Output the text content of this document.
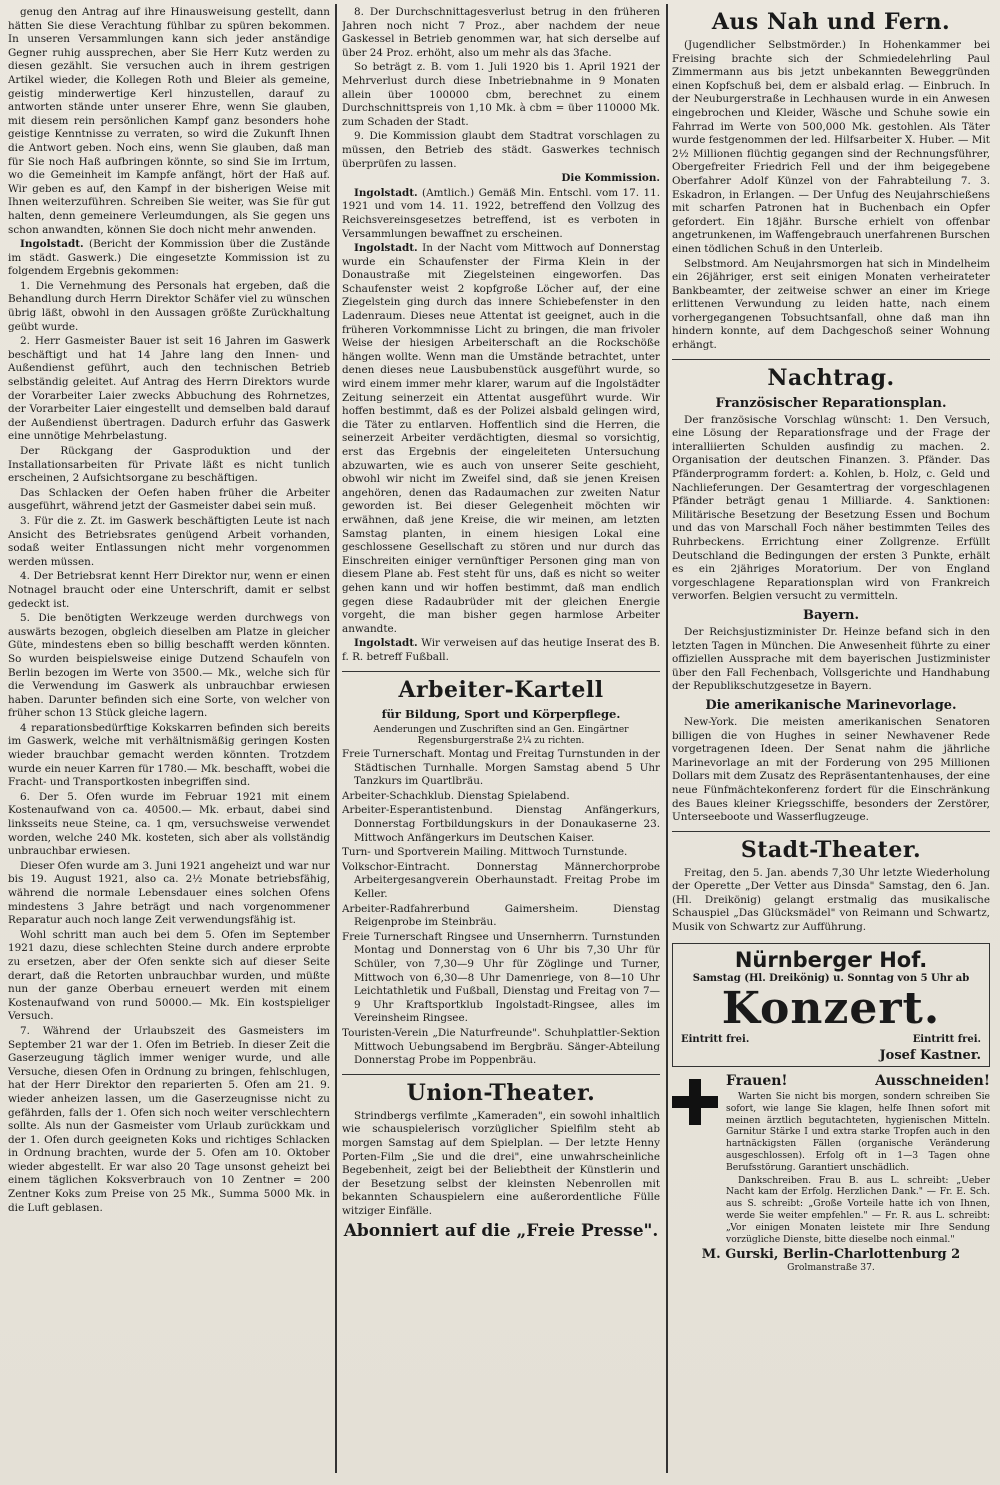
genug den Antrag auf ihre Hinausweisung gestellt, dann hätten Sie diese Verachtung fühlbar zu spüren bekommen. In unseren Versammlungen kann sich jeder anständige Gegner ruhig aussprechen, aber Sie Herr Kutz werden zu diesen gezählt. Sie versuchen auch in ihrem gestrigen Artikel wieder, die Kollegen Roth und Bleier als gemeine, geistig minderwertige Kerl hinzustellen, darauf zu antworten stände unter unserer Ehre, wenn Sie glauben, mit diesem rein persönlichen Kampf ganz besonders hohe geistige Kenntnisse zu verraten, so wird die Zukunft Ihnen die Antwort geben. Noch eins, wenn Sie glauben, daß man für Sie noch Haß aufbringen könnte, so sind Sie im Irrtum, wo die Gemeinheit im Kampfe anfängt, hört der Haß auf. Wir geben es auf, den Kampf in der bisherigen Weise mit Ihnen weiterzuführen. Schreiben Sie weiter, was Sie für gut halten, denn gemeinere Verleumdungen, als Sie gegen uns schon anwandten, können Sie doch nicht mehr anwenden.

Ingolstadt. (Bericht der Kommission über die Zustände im städt. Gaswerk.) Die eingesetzte Kommission ist zu folgendem Ergebnis gekommen:

1. Die Vernehmung des Personals hat ergeben, daß die Behandlung durch Herrn Direktor Schäfer viel zu wünschen übrig läßt, obwohl in den Aussagen größte Zurückhaltung geübt wurde.

2. Herr Gasmeister Bauer ist seit 16 Jahren im Gaswerk beschäftigt und hat 14 Jahre lang den Innen- und Außendienst geführt, auch den technischen Betrieb selbständig geleitet. Auf Antrag des Herrn Direktors wurde der Vorarbeiter Laier zwecks Abbuchung des Rohrnetzes, der Vorarbeiter Laier eingestellt und demselben bald darauf der Außendienst übertragen. Dadurch erfuhr das Gaswerk eine unnötige Mehrbelastung.

Der Rückgang der Gasproduktion und der Installationsarbeiten für Private läßt es nicht tunlich erscheinen, 2 Aufsichtsorgane zu beschäftigen.

Das Schlacken der Oefen haben früher die Arbeiter ausgeführt, während jetzt der Gasmeister dabei sein muß.

3. Für die z. Zt. im Gaswerk beschäftigten Leute ist nach Ansicht des Betriebsrates genügend Arbeit vorhanden, sodaß weiter Entlassungen nicht mehr vorgenommen werden müssen.

4. Der Betriebsrat kennt Herr Direktor nur, wenn er einen Notnagel braucht oder eine Unterschrift, damit er selbst gedeckt ist.

5. Die benötigten Werkzeuge werden durchwegs von auswärts bezogen, obgleich dieselben am Platze in gleicher Güte, mindestens eben so billig beschafft werden könnten. So wurden beispielsweise einige Dutzend Schaufeln von Berlin bezogen im Werte von 3500.— Mk., welche sich für die Verwendung im Gaswerk als unbrauchbar erwiesen haben. Darunter befinden sich eine Sorte, von welcher von früher schon 13 Stück gleiche lagern.

4 reparationsbedürftige Kokskarren befinden sich bereits im Gaswerk, welche mit verhältnismäßig geringen Kosten wieder brauchbar gemacht werden könnten. Trotzdem wurde ein neuer Karren für 1780.— Mk. beschafft, wobei die Fracht- und Transportkosten inbegriffen sind.

6. Der 5. Ofen wurde im Februar 1921 mit einem Kostenaufwand von ca. 40500.— Mk. erbaut, dabei sind linksseits neue Steine, ca. 1 qm, versuchsweise verwendet worden, welche 240 Mk. kosteten, sich aber als vollständig unbrauchbar erwiesen.

Dieser Ofen wurde am 3. Juni 1921 angeheizt und war nur bis 19. August 1921, also ca. 2½ Monate betriebsfähig, während die normale Lebensdauer eines solchen Ofens mindestens 3 Jahre beträgt und nach vorgenommener Reparatur auch noch lange Zeit verwendungsfähig ist.

Wohl schritt man auch bei dem 5. Ofen im September 1921 dazu, diese schlechten Steine durch andere erprobte zu ersetzen, aber der Ofen senkte sich auf dieser Seite derart, daß die Retorten unbrauchbar wurden, und müßte nun der ganze Oberbau erneuert werden mit einem Kostenaufwand von rund 50000.— Mk. Ein kostspieliger Versuch.

7. Während der Urlaubszeit des Gasmeisters im September 21 war der 1. Ofen im Betrieb. In dieser Zeit die Gaserzeugung täglich immer weniger wurde, und alle Versuche, diesen Ofen in Ordnung zu bringen, fehlschlugen, hat der Herr Direktor den reparierten 5. Ofen am 21. 9. wieder anheizen lassen, um die Gaserzeugnisse nicht zu gefährden, falls der 1. Ofen sich noch weiter verschlechtern sollte. Als nun der Gasmeister vom Urlaub zurückkam und der 1. Ofen durch geeigneten Koks und richtiges Schlacken in Ordnung brachten, wurde der 5. Ofen am 10. Oktober wieder abgestellt. Er war also 20 Tage unsonst geheizt bei einem täglichen Koksverbrauch von 10 Zentner = 200 Zentner Koks zum Preise von 25 Mk., Summa 5000 Mk. in die Luft geblasen.

8. Der Durchschnittagesverlust betrug in den früheren Jahren noch nicht 7 Proz., aber nachdem der neue Gaskessel in Betrieb genommen war, hat sich derselbe auf über 24 Proz. erhöht, also um mehr als das 3fache.

So beträgt z. B. vom 1. Juli 1920 bis 1. April 1921 der Mehrverlust durch diese Inbetriebnahme in 9 Monaten allein über 100000 cbm, berechnet zu einem Durchschnittspreis von 1,10 Mk. à cbm = über 110000 Mk. zum Schaden der Stadt.

9. Die Kommission glaubt dem Stadtrat vorschlagen zu müssen, den Betrieb des städt. Gaswerkes technisch überprüfen zu lassen.

Die Kommission.

Ingolstadt. (Amtlich.) Gemäß Min. Entschl. vom 17. 11. 1921 und vom 14. 11. 1922, betreffend den Vollzug des Reichsvereinsgesetzes betreffend, ist es verboten in Versammlungen bewaffnet zu erscheinen.

Ingolstadt. In der Nacht vom Mittwoch auf Donnerstag wurde ein Schaufenster der Firma Klein in der Donaustraße mit Ziegelsteinen eingeworfen. Das Schaufenster weist 2 kopfgroße Löcher auf, der eine Ziegelstein ging durch das innere Schiebefenster in den Ladenraum. Dieses neue Attentat ist geeignet, auch in die früheren Vorkommnisse Licht zu bringen, die man frivoler Weise der hiesigen Arbeiterschaft an die Rockschöße hängen wollte. Wenn man die Umstände betrachtet, unter denen dieses neue Lausbubenstück ausgeführt wurde, so wird einem immer mehr klarer, warum auf die Ingolstädter Zeitung seinerzeit ein Attentat ausgeführt wurde. Wir hoffen bestimmt, daß es der Polizei alsbald gelingen wird, die Täter zu entlarven. Hoffentlich sind die Herren, die seinerzeit Arbeiter verdächtigten, diesmal so vorsichtig, erst das Ergebnis der eingeleiteten Untersuchung abzuwarten, wie es auch von unserer Seite geschieht, obwohl wir nicht im Zweifel sind, daß sie jenen Kreisen angehören, denen das Radaumachen zur zweiten Natur geworden ist. Bei dieser Gelegenheit möchten wir erwähnen, daß jene Kreise, die wir meinen, am letzten Samstag planten, in einem hiesigen Lokal eine geschlossene Gesellschaft zu stören und nur durch das Einschreiten einiger vernünftiger Personen ging man von diesem Plane ab. Fest steht für uns, daß es nicht so weiter gehen kann und wir hoffen bestimmt, daß man endlich gegen diese Radaubrüder mit der gleichen Energie vorgeht, die man bisher gegen harmlose Arbeiter anwandte.

Ingolstadt. Wir verweisen auf das heutige Inserat des B. f. R. betreff Fußball.

Arbeiter-Kartell
für Bildung, Sport und Körperpflege.

Aenderungen und Zuschriften sind an Gen. Eingärtner Regensburgerstraße 2¼ zu richten.

Freie Turnerschaft. Montag und Freitag Turnstunden in der Städtischen Turnhalle. Morgen Samstag abend 5 Uhr Tanzkurs im Quartlbräu.

Arbeiter-Schachklub. Dienstag Spielabend.

Arbeiter-Esperantistenbund. Dienstag Anfängerkurs, Donnerstag Fortbildungskurs in der Donaukaserne 23. Mittwoch Anfängerkurs im Deutschen Kaiser.

Turn- und Sportverein Mailing. Mittwoch Turnstunde.

Volkschor-Eintracht. Donnerstag Männerchorprobe Arbeitergesangverein Oberhaunstadt. Freitag Probe im Keller.

Arbeiter-Radfahrerbund Gaimersheim. Dienstag Reigenprobe im Steinbräu.

Freie Turnerschaft Ringsee und Unsernherrn. Turnstunden Montag und Donnerstag von 6 Uhr bis 7,30 Uhr für Schüler, von 7,30—9 Uhr für Zöglinge und Turner, Mittwoch von 6,30—8 Uhr Damenriege, von 8—10 Uhr Leichtathletik und Fußball, Dienstag und Freitag von 7—9 Uhr Kraftsportklub Ingolstadt-Ringsee, alles im Vereinsheim Ringsee.

Touristen-Verein „Die Naturfreunde". Schuhplattler-Sektion Mittwoch Uebungsabend im Bergbräu. Sänger-Abteilung Donnerstag Probe im Poppenbräu.

Union-Theater.

Strindbergs verfilmte „Kameraden", ein sowohl inhaltlich wie schauspielerisch vorzüglicher Spielfilm steht ab morgen Samstag auf dem Spielplan. — Der letzte Henny Porten-Film „Sie und die drei", eine unwahrscheinliche Begebenheit, zeigt bei der Beliebtheit der Künstlerin und der Besetzung selbst der kleinsten Nebenrollen mit bekannten Schauspielern eine außerordentliche Fülle witziger Einfälle.

Abonniert auf die „Freie Presse".
Aus Nah und Fern.

(Jugendlicher Selbstmörder.) In Hohenkammer bei Freising brachte sich der Schmiedelehrling Paul Zimmermann aus bis jetzt unbekannten Beweggründen einen Kopfschuß bei, dem er alsbald erlag. — Einbruch. In der Neuburgerstraße in Lechhausen wurde in ein Anwesen eingebrochen und Kleider, Wäsche und Schuhe sowie ein Fahrrad im Werte von 500,000 Mk. gestohlen. Als Täter wurde festgenommen der led. Hilfsarbeiter X. Huber. — Mit 2½ Millionen flüchtig gegangen sind der Rechnungsführer, Obergefreiter Friedrich Fell und der ihm beigegebene Oberfahrer Adolf Künzel von der Fahrabteilung 7. 3. Eskadron, in Erlangen. — Der Unfug des Neujahrschießens mit scharfen Patronen hat in Buchenbach ein Opfer gefordert. Ein 18jähr. Bursche erhielt von offenbar angetrunkenen, im Waffengebrauch unerfahrenen Burschen einen tödlichen Schuß in den Unterleib.

Selbstmord. Am Neujahrsmorgen hat sich in Mindelheim ein 26jähriger, erst seit einigen Monaten verheirateter Bankbeamter, der zeitweise schwer an einer im Kriege erlittenen Verwundung zu leiden hatte, nach einem vorhergegangenen Tobsuchtsanfall, ohne daß man ihn hindern konnte, auf dem Dachgeschoß seiner Wohnung erhängt.

Nachtrag.
Französischer Reparationsplan.

Der französische Vorschlag wünscht: 1. Den Versuch, eine Lösung der Reparationsfrage und der Frage der interalliierten Schulden ausfindig zu machen. 2. Organisation der deutschen Finanzen. 3. Pfänder. Das Pfänderprogramm fordert: a. Kohlen, b. Holz, c. Geld und Nachlieferungen. Der Gesamtertrag der vorgeschlagenen Pfänder beträgt genau 1 Milliarde. 4. Sanktionen: Militärische Besetzung der Besetzung Essen und Bochum und das von Marschall Foch näher bestimmten Teiles des Ruhrbeckens. Errichtung einer Zollgrenze. Erfüllt Deutschland die Bedingungen der ersten 3 Punkte, erhält es ein 2jähriges Moratorium. Der von England vorgeschlagene Reparationsplan wird von Frankreich verworfen. Belgien versucht zu vermitteln.

Bayern.

Der Reichsjustizminister Dr. Heinze befand sich in den letzten Tagen in München. Die Anwesenheit führte zu einer offiziellen Aussprache mit dem bayerischen Justizminister über den Fall Fechenbach, Vollsgerichte und Handhabung der Republikschutzgesetze in Bayern.

Die amerikanische Marinevorlage.

New-York. Die meisten amerikanischen Senatoren billigen die von Hughes in seiner Newhavener Rede vorgetragenen Ideen. Der Senat nahm die jährliche Marinevorlage an mit der Forderung von 295 Millionen Dollars mit dem Zusatz des Repräsentantenhauses, der eine neue Fünfmächtekonferenz fordert für die Einschränkung des Baues kleiner Kriegsschiffe, besonders der Zerstörer, Unterseeboote und Wasserflugzeuge.

Stadt-Theater.

Freitag, den 5. Jan. abends 7,30 Uhr letzte Wiederholung der Operette „Der Vetter aus Dinsda" Samstag, den 6. Jan. (Hl. Dreikönig) gelangt erstmalig das musikalische Schauspiel „Das Glücksmädel" von Reimann und Schwartz, Musik von Schwartz zur Aufführung.

Nürnberger Hof.
Samstag (Hl. Dreikönig) u. Sonntag von 5 Uhr ab
Konzert.
Eintritt frei.	Eintritt frei.
Josef Kastner.
Frauen!	Ausschneiden!

Warten Sie nicht bis morgen, sondern schreiben Sie sofort, wie lange Sie klagen, helfe Ihnen sofort mit meinen ärztlich begutachteten, hygienischen Mitteln. Garnitur Stärke I und extra starke Tropfen auch in den hartnäckigsten Fällen (organische Veränderung ausgeschlossen). Erfolg oft in 1—3 Tagen ohne Berufsstörung. Garantiert unschädlich.

Dankschreiben. Frau B. aus L. schreibt: „Ueber Nacht kam der Erfolg. Herzlichen Dank." — Fr. E. Sch. aus S. schreibt: „Große Vorteile hatte ich von Ihnen, werde Sie weiter empfehlen." — Fr. R. aus L. schreibt: „Vor einigen Monaten leistete mir Ihre Sendung vorzügliche Dienste, bitte dieselbe noch einmal."

M. Gurski, Berlin-Charlottenburg 2
Grolmanstraße 37.
